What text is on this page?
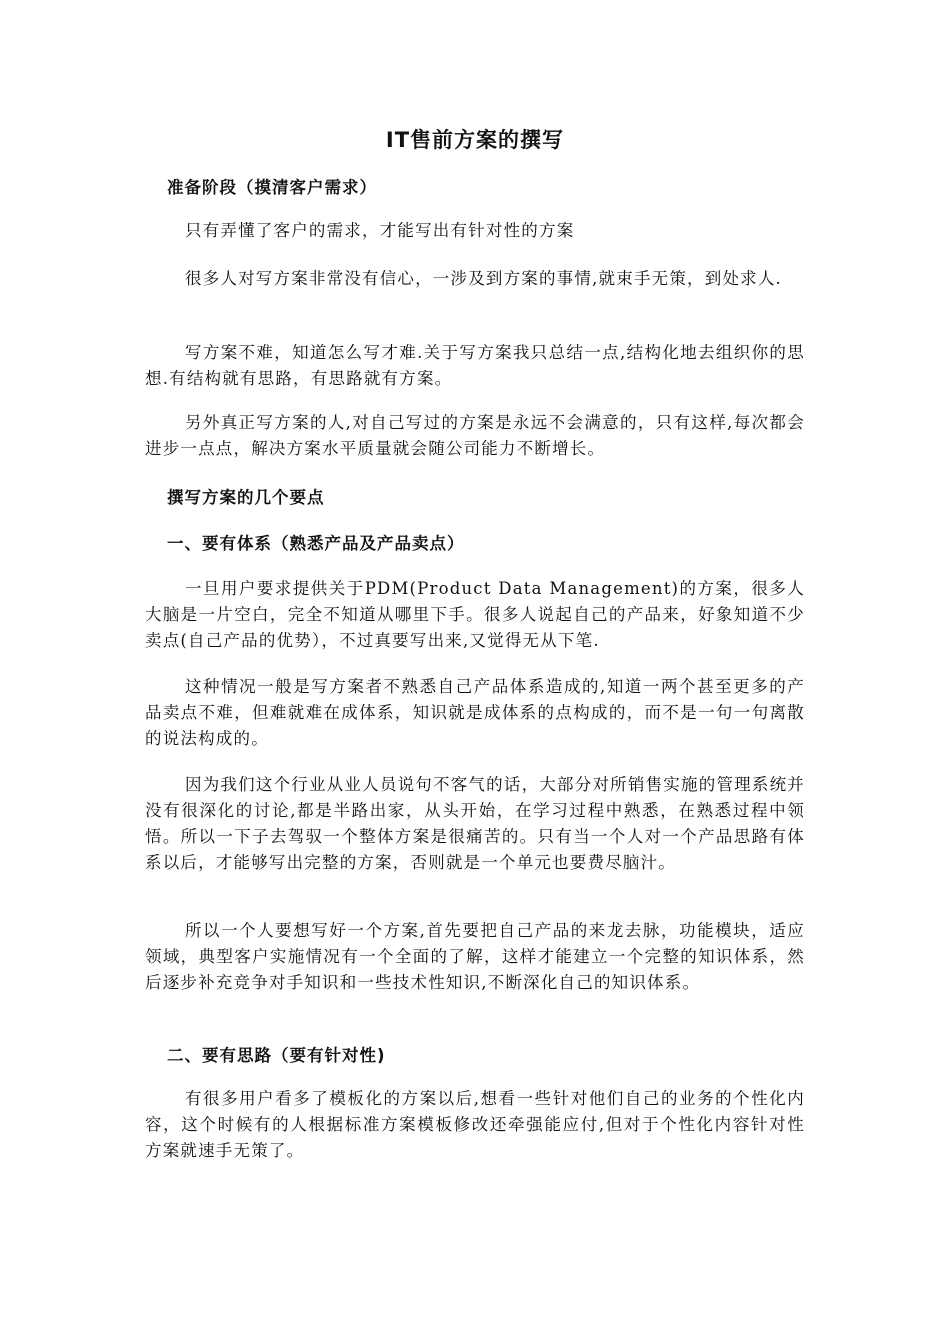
IT售前方案的撰写
准备阶段（摸清客户需求）
只有弄懂了客户的需求，才能写出有针对性的方案
很多人对写方案非常没有信心，一涉及到方案的事情,就束手无策，到处求人.
写方案不难，知道怎么写才难.关于写方案我只总结一点,结构化地去组织你的思想.有结构就有思路，有思路就有方案。
另外真正写方案的人,对自己写过的方案是永远不会满意的，只有这样,每次都会进步一点点，解决方案水平质量就会随公司能力不断增长。
撰写方案的几个要点
一、要有体系（熟悉产品及产品卖点）
一旦用户要求提供关于PDM(Product Data Management)的方案，很多人大脑是一片空白，完全不知道从哪里下手。很多人说起自己的产品来，好象知道不少卖点(自己产品的优势），不过真要写出来,又觉得无从下笔.
这种情况一般是写方案者不熟悉自己产品体系造成的,知道一两个甚至更多的产品卖点不难，但难就难在成体系，知识就是成体系的点构成的，而不是一句一句离散的说法构成的。
因为我们这个行业从业人员说句不客气的话，大部分对所销售实施的管理系统并没有很深化的讨论,都是半路出家，从头开始，在学习过程中熟悉，在熟悉过程中领悟。所以一下子去驾驭一个整体方案是很痛苦的。只有当一个人对一个产品思路有体系以后，才能够写出完整的方案，否则就是一个单元也要费尽脑汁。
所以一个人要想写好一个方案,首先要把自己产品的来龙去脉，功能模块，适应领域，典型客户实施情况有一个全面的了解，这样才能建立一个完整的知识体系，然后逐步补充竞争对手知识和一些技术性知识,不断深化自己的知识体系。
二、要有思路（要有针对性)
有很多用户看多了模板化的方案以后,想看一些针对他们自己的业务的个性化内容，这个时候有的人根据标准方案模板修改还牵强能应付,但对于个性化内容针对性方案就速手无策了。
